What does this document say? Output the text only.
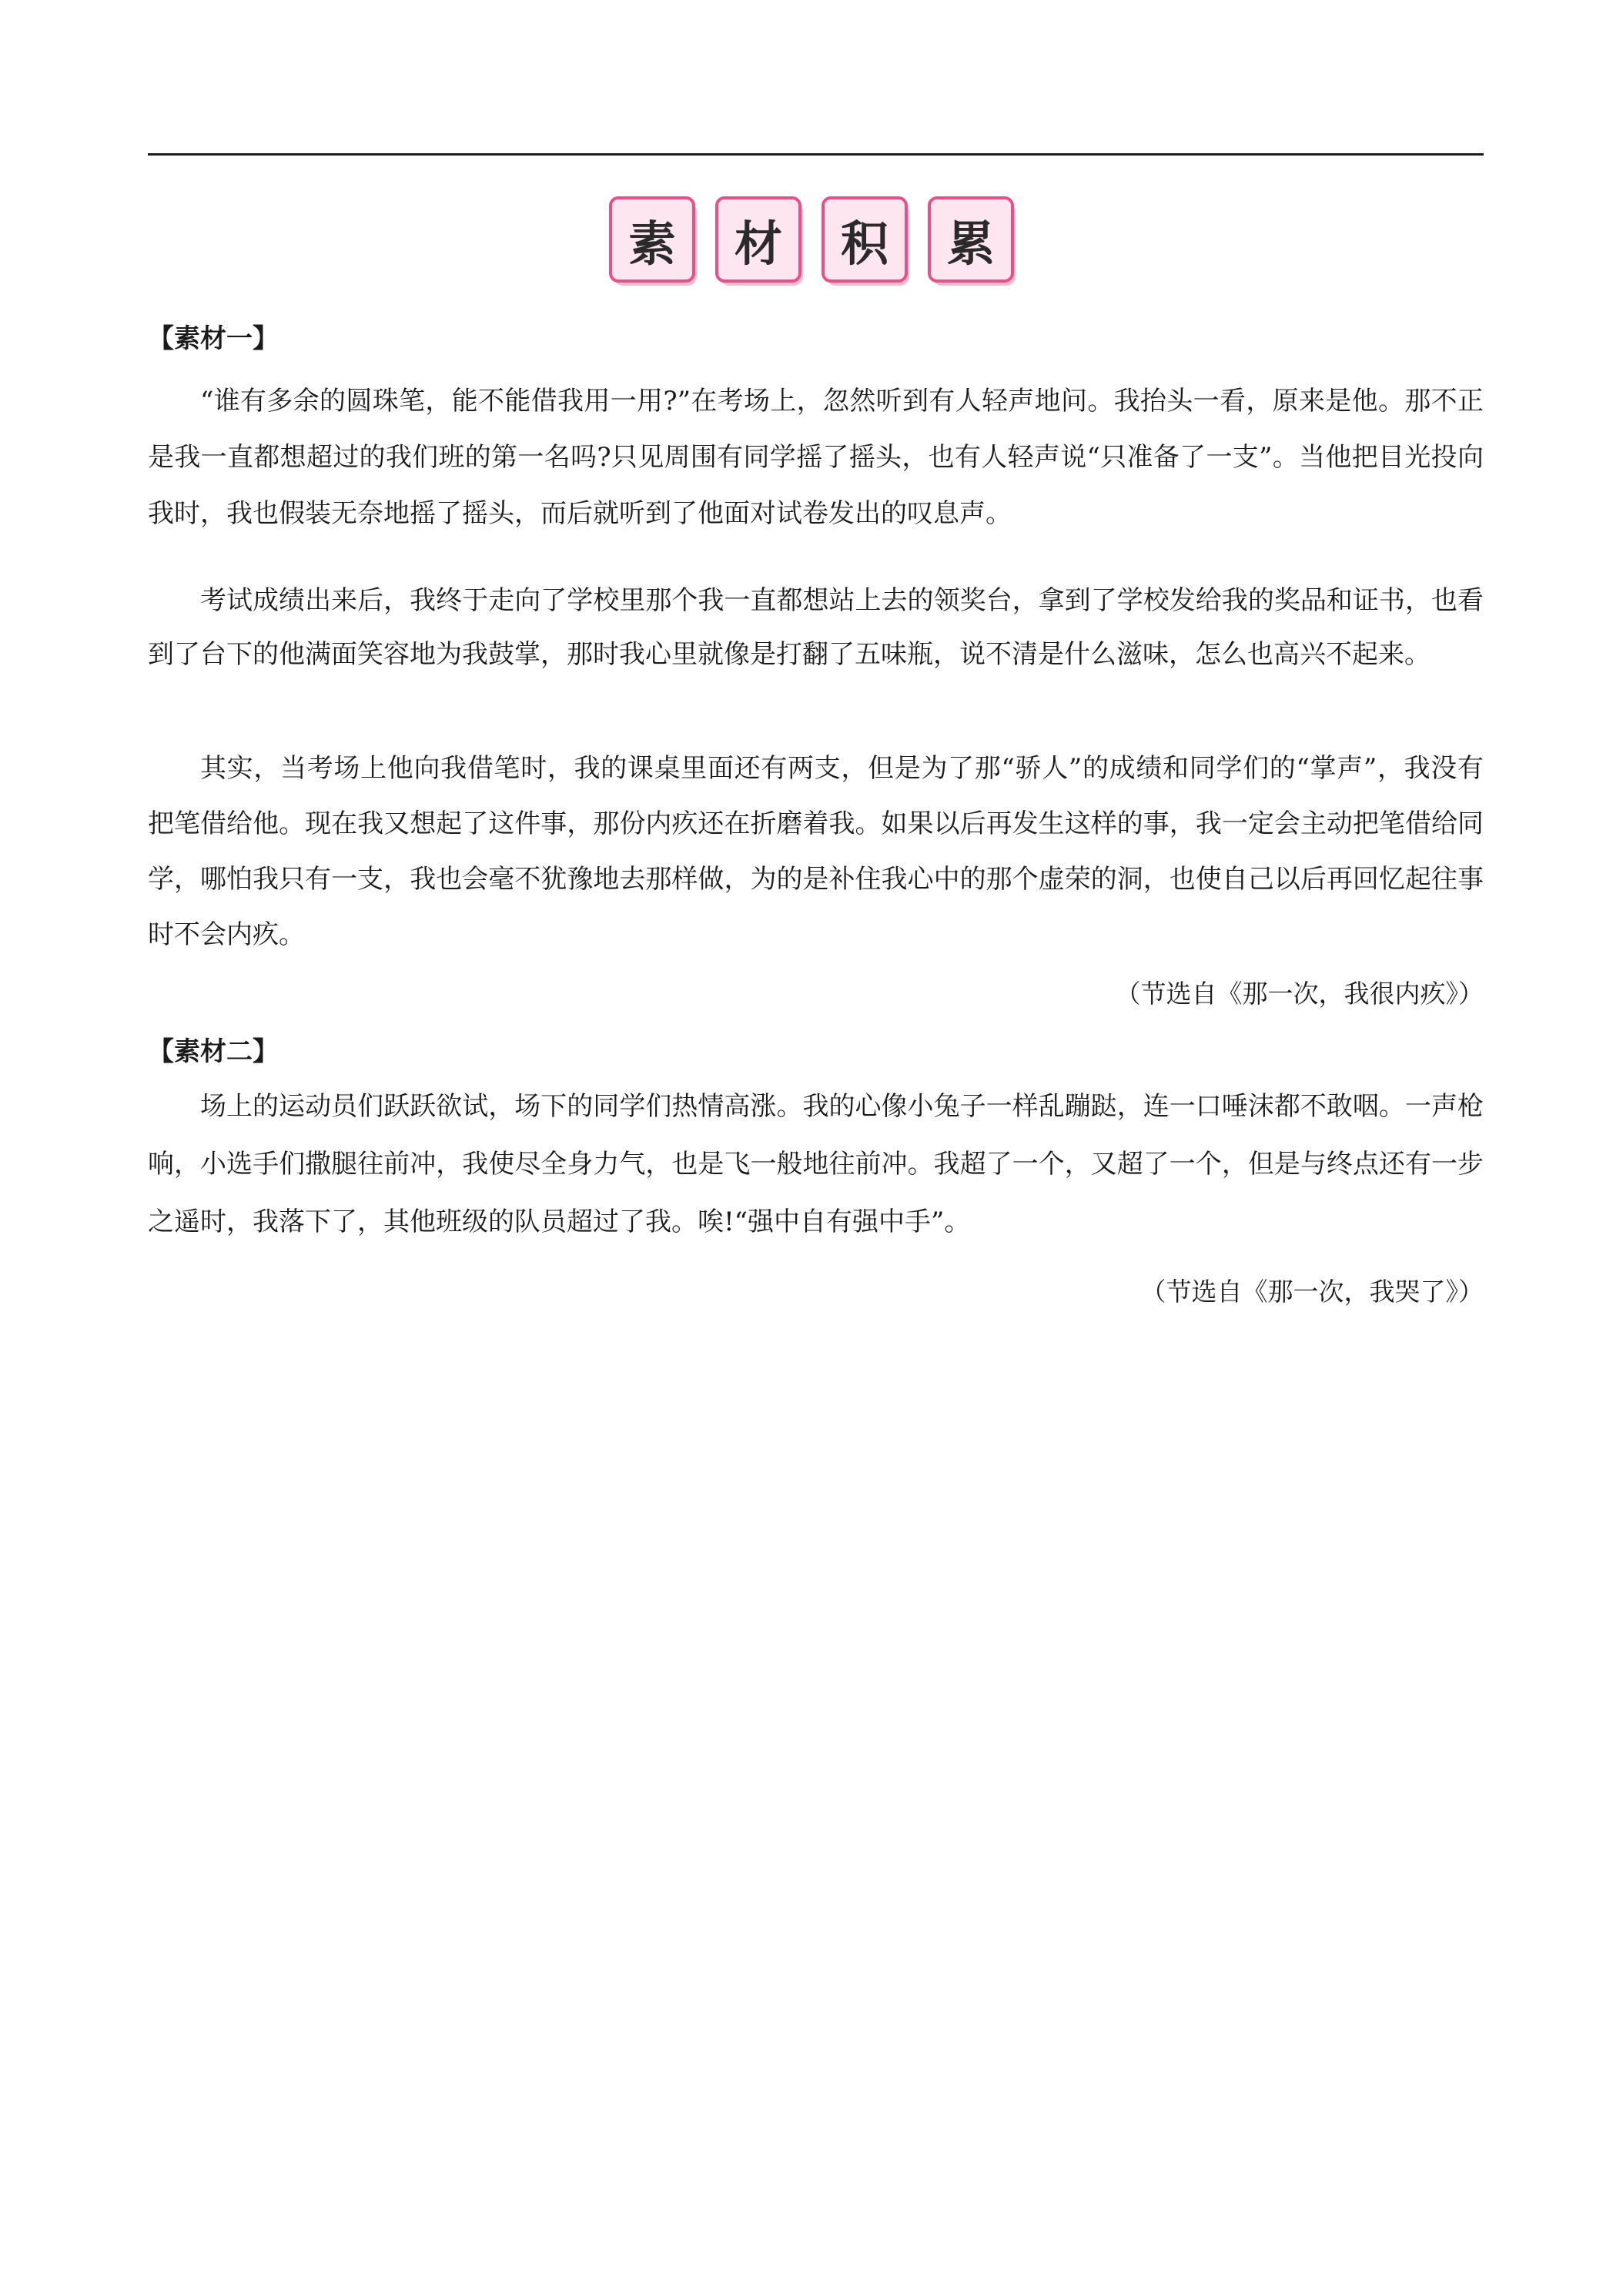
素	材	积	累
【素材一】

“谁有多余的圆珠笔，能不能借我用一用?”在考场上，忽然听到有人轻声地问。我抬头一看，原来是他。那不正是我一直都想超过的我们班的第一名吗?只见周围有同学摇了摇头，也有人轻声说“只准备了一支”。当他把目光投向我时，我也假装无奈地摇了摇头，而后就听到了他面对试卷发出的叹息声。

考试成绩出来后，我终于走向了学校里那个我一直都想站上去的领奖台，拿到了学校发给我的奖品和证书，也看到了台下的他满面笑容地为我鼓掌，那时我心里就像是打翻了五味瓶，说不清是什么滋味，怎么也高兴不起来。

其实，当考场上他向我借笔时，我的课桌里面还有两支，但是为了那“骄人”的成绩和同学们的“掌声”，我没有把笔借给他。现在我又想起了这件事，那份内疚还在折磨着我。如果以后再发生这样的事，我一定会主动把笔借给同学，哪怕我只有一支，我也会毫不犹豫地去那样做，为的是补住我心中的那个虚荣的洞，也使自己以后再回忆起往事时不会内疚。

（节选自《那一次，我很内疚》）

【素材二】

场上的运动员们跃跃欲试，场下的同学们热情高涨。我的心像小兔子一样乱蹦跶，连一口唾沫都不敢咽。一声枪响，小选手们撒腿往前冲，我使尽全身力气，也是飞一般地往前冲。我超了一个，又超了一个，但是与终点还有一步之遥时，我落下了，其他班级的队员超过了我。唉!“强中自有强中手”。

（节选自《那一次，我哭了》）
